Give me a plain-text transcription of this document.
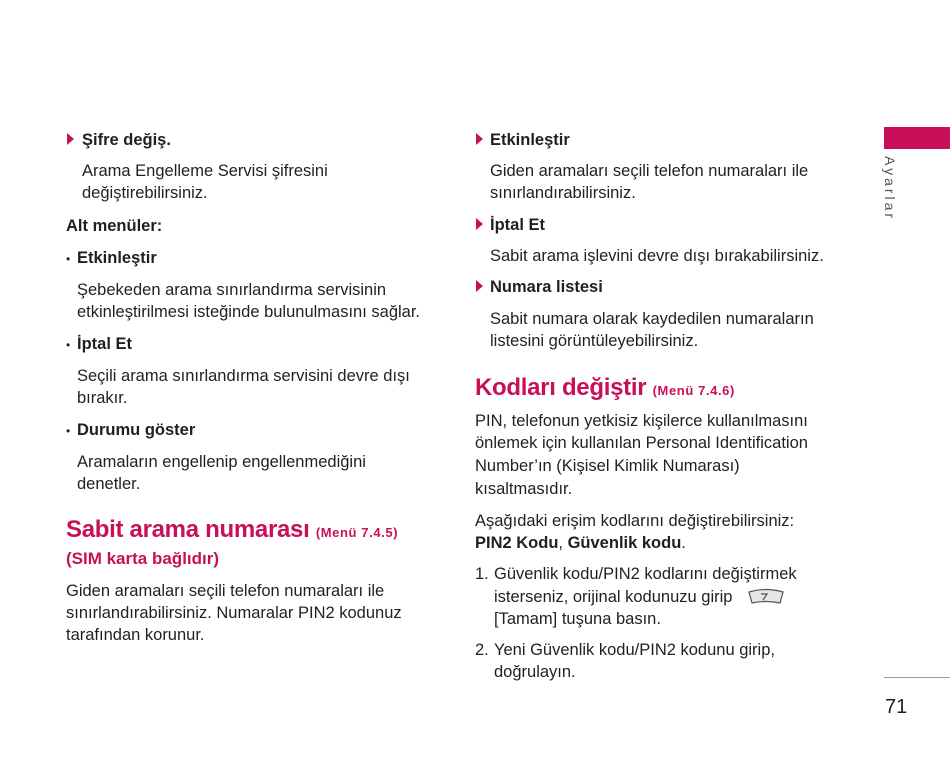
Şifre değiş.
Arama Engelleme Servisi şifresini
değiştirebilirsiniz.
Alt menüler:
• Etkinleştir
Şebekeden arama sınırlandırma servisinin
etkinleştirilmesi isteğinde bulunulmasını sağlar.
• İptal Et
Seçili arama sınırlandırma servisini devre dışı
bırakır.
• Durumu göster
Aramaların engellenip engellenmediğini
denetler.
Sabit arama numarası (Menü 7.4.5)
(SIM karta bağlıdır)
Giden aramaları seçili telefon numaraları ile
sınırlandırabilirsiniz. Numaralar PIN2 kodunuz
tarafından korunur.
Etkinleştir
Giden aramaları seçili telefon numaraları ile
sınırlandırabilirsiniz.
İptal Et
Sabit arama işlevini devre dışı bırakabilirsiniz.
Numara listesi
Sabit numara olarak kaydedilen numaraların
listesini görüntüleyebilirsiniz.
Kodları değiştir (Menü 7.4.6)
PIN, telefonun yetkisiz kişilerce kullanılmasını
önlemek için kullanılan Personal Identification
Number’ın (Kişisel Kimlik Numarası)
kısaltmasıdır.
Aşağıdaki erişim kodlarını değiştirebilirsiniz:
PIN2 Kodu, Güvenlik kodu.
1. Güvenlik kodu/PIN2 kodlarını değiştirmek
isterseniz, orijinal kodunuzu girip
[Tamam] tuşuna basın.
2. Yeni Güvenlik kodu/PIN2 kodunu girip,
doğrulayın.
Ayarlar
71
